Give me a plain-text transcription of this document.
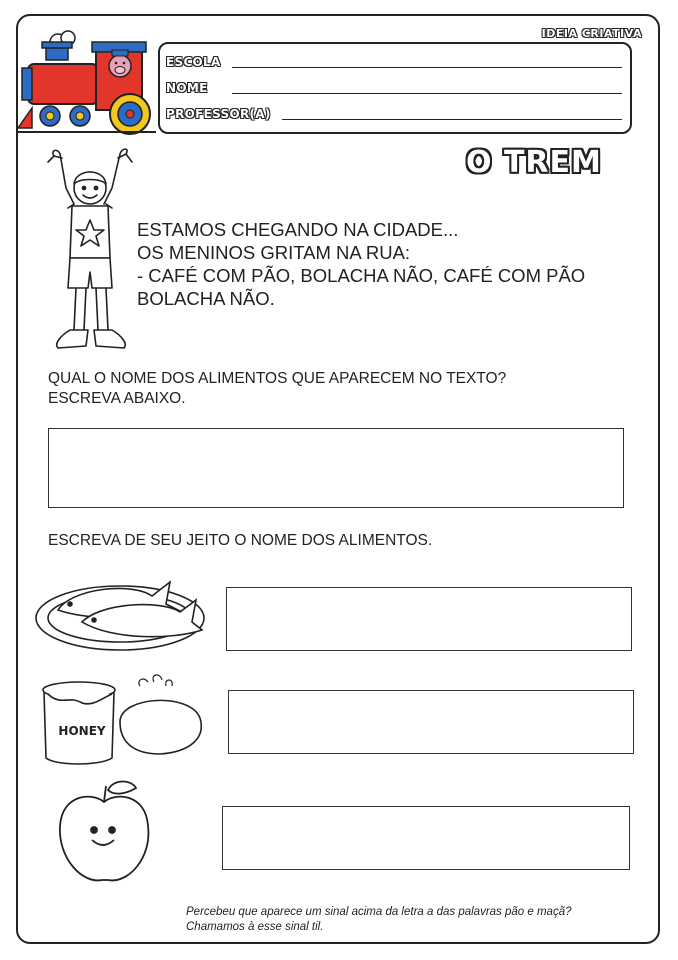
IDEIA CRIATIVA
ESCOLA
NOME
PROFESSOR(A)
O TREM
ESTAMOS CHEGANDO NA CIDADE...
OS MENINOS GRITAM NA RUA:
- CAFÉ COM PÃO, BOLACHA NÃO, CAFÉ COM PÃO
BOLACHA NÃO.
QUAL O NOME DOS ALIMENTOS QUE APARECEM NO TEXTO?
ESCREVA ABAIXO.
ESCREVA DE SEU JEITO O NOME DOS ALIMENTOS.
HONEY
Percebeu que aparece um sinal acima da letra a das palavras pão e maçã?
Chamamos à esse sinal til.
